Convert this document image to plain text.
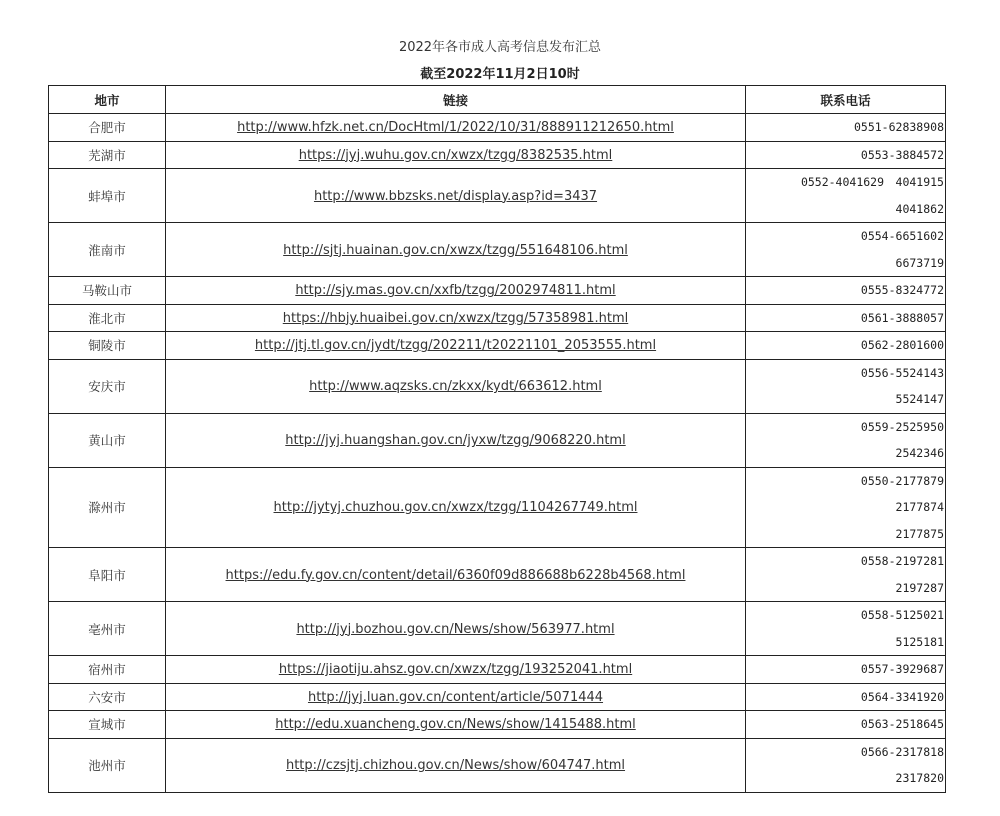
2022年各市成人高考信息发布汇总
截至2022年11月2日10时
地市	链接	联系电话
合肥市	http://www.hfzk.net.cn/DocHtml/1/2022/10/31/888911212650.html	0551-62838908

芜湖市	https://jyj.wuhu.gov.cn/xwzx/tzgg/8382535.html	0553-3884572

蚌埠市	http://www.bbzsks.net/display.asp?id=3437	0552-4041629　4041915
4041862

淮南市	http://sjtj.huainan.gov.cn/xwzx/tzgg/551648106.html	0554-6651602
6673719

马鞍山市	http://sjy.mas.gov.cn/xxfb/tzgg/2002974811.html	0555-8324772

淮北市	https://hbjy.huaibei.gov.cn/xwzx/tzgg/57358981.html	0561-3888057

铜陵市	http://jtj.tl.gov.cn/jydt/tzgg/202211/t20221101_2053555.html	0562-2801600

安庆市	http://www.aqzsks.cn/zkxx/kydt/663612.html	0556-5524143
5524147

黄山市	http://jyj.huangshan.gov.cn/jyxw/tzgg/9068220.html	0559-2525950
2542346

滁州市	http://jytyj.chuzhou.gov.cn/xwzx/tzgg/1104267749.html	0550-2177879
2177874
2177875

阜阳市	https://edu.fy.gov.cn/content/detail/6360f09d886688b6228b4568.html	0558-2197281
2197287

亳州市	http://jyj.bozhou.gov.cn/News/show/563977.html	0558-5125021
5125181

宿州市	https://jiaotiju.ahsz.gov.cn/xwzx/tzgg/193252041.html	0557-3929687

六安市	http://jyj.luan.gov.cn/content/article/5071444	0564-3341920

宣城市	http://edu.xuancheng.gov.cn/News/show/1415488.html	0563-2518645

池州市	http://czsjtj.chizhou.gov.cn/News/show/604747.html	0566-2317818
2317820
